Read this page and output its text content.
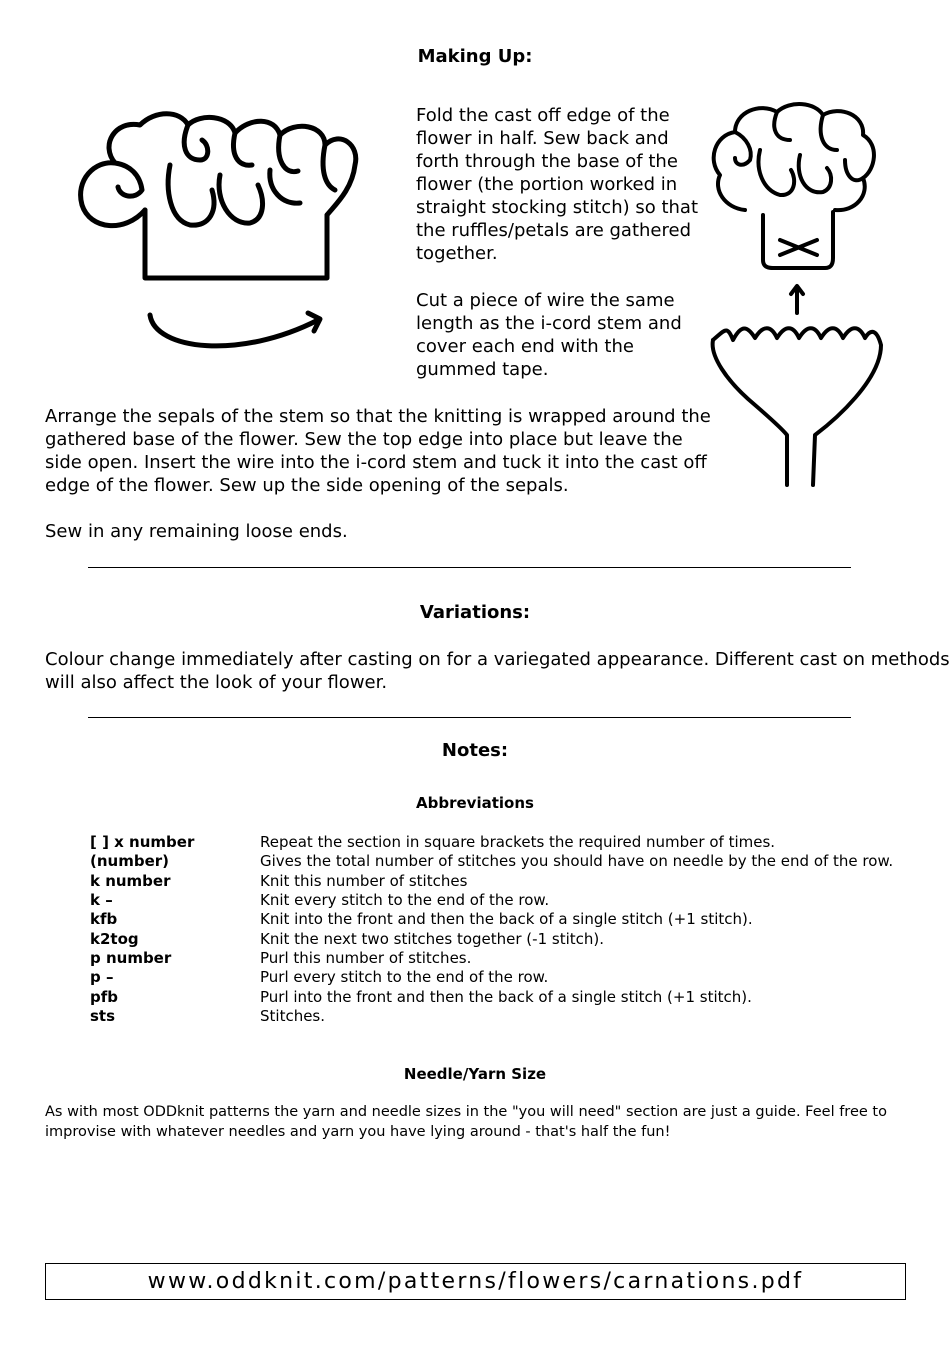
Making Up:
Fold the cast off edge of the
flower in half. Sew back and
forth through the base of the
flower (the portion worked in
straight stocking stitch) so that
the ruffles/petals are gathered
together.
Cut a piece of wire the same
length as the i-cord stem and
cover each end with the
gummed tape.
Arrange the sepals of the stem so that the knitting is wrapped around the
gathered base of the flower. Sew the top edge into place but leave the
side open. Insert the wire into the i-cord stem and tuck it into the cast off
edge of the flower. Sew up the side opening of the sepals.
Sew in any remaining loose ends.
Variations:
Colour change immediately after casting on for a variegated appearance. Different cast on methods
will also affect the look of your flower.
Notes:
Abbreviations
[ ] x number	Repeat the section in square brackets the required number of times.
(number)	Gives the total number of stitches you should have on needle by the end of the row.
k number	Knit this number of stitches
k –	Knit every stitch to the end of the row.
kfb	Knit into the front and then the back of a single stitch (+1 stitch).
k2tog	Knit the next two stitches together (-1 stitch).
p number	Purl this number of stitches.
p –	Purl every stitch to the end of the row.
pfb	Purl into the front and then the back of a single stitch (+1 stitch).
sts	Stitches.
Needle/Yarn Size
As with most ODDknit patterns the yarn and needle sizes in the "you will need" section are just a guide. Feel free to
improvise with whatever needles and yarn you have lying around - that's half the fun!
www.oddknit.com/patterns/flowers/carnations.pdf
